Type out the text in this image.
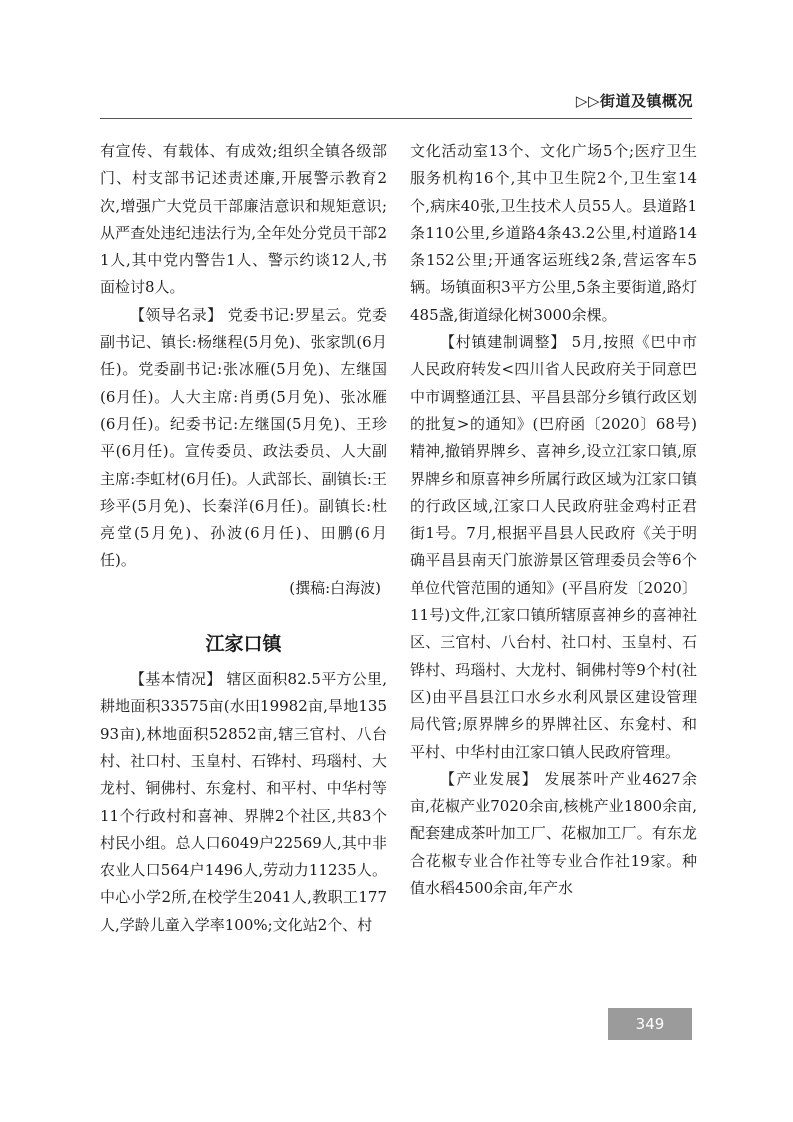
▷▷街道及镇概况

有宣传、有载体、有成效;组织全镇各级部门、村支部书记述责述廉,开展警示教育2次,增强广大党员干部廉洁意识和规矩意识;从严查处违纪违法行为,全年处分党员干部21人,其中党内警告1人、警示约谈12人,书面检讨8人。

【领导名录】 党委书记:罗星云。党委副书记、镇长:杨继程(5月免)、张家凯(6月任)。党委副书记:张冰雁(5月免)、左继国(6月任)。人大主席:肖勇(5月免)、张冰雁(6月任)。纪委书记:左继国(5月免)、王珍平(6月任)。宣传委员、政法委员、人大副主席:李虹材(6月任)。人武部长、副镇长:王珍平(5月免)、长秦洋(6月任)。副镇长:杜亮堂(5月免)、孙波(6月任)、田鹏(6月任)。

(撰稿:白海波)

江家口镇

【基本情况】 辖区面积82.5平方公里,耕地面积33575亩(水田19982亩,旱地13593亩),林地面积52852亩,辖三官村、八台村、社口村、玉皇村、石铧村、玛瑙村、大龙村、铜佛村、东龛村、和平村、中华村等11个行政村和喜神、界牌2个社区,共83个村民小组。总人口6049户22569人,其中非农业人口564户1496人,劳动力11235人。中心小学2所,在校学生2041人,教职工177人,学龄儿童入学率100%;文化站2个、村

文化活动室13个、文化广场5个;医疗卫生服务机构16个,其中卫生院2个,卫生室14个,病床40张,卫生技术人员55人。县道路1条110公里,乡道路4条43.2公里,村道路14条152公里;开通客运班线2条,营运客车5辆。场镇面积3平方公里,5条主要街道,路灯485盏,街道绿化树3000余棵。

【村镇建制调整】 5月,按照《巴中市人民政府转发<四川省人民政府关于同意巴中市调整通江县、平昌县部分乡镇行政区划的批复>的通知》(巴府函〔2020〕68号)精神,撤销界牌乡、喜神乡,设立江家口镇,原界牌乡和原喜神乡所属行政区域为江家口镇的行政区域,江家口人民政府驻金鸡村正君街1号。7月,根据平昌县人民政府《关于明确平昌县南天门旅游景区管理委员会等6个单位代管范围的通知》(平昌府发〔2020〕11号)文件,江家口镇所辖原喜神乡的喜神社区、三官村、八台村、社口村、玉皇村、石铧村、玛瑙村、大龙村、铜佛村等9个村(社区)由平昌县江口水乡水利风景区建设管理局代管;原界牌乡的界牌社区、东龛村、和平村、中华村由江家口镇人民政府管理。

【产业发展】 发展茶叶产业4627余亩,花椒产业7020余亩,核桃产业1800余亩,配套建成茶叶加工厂、花椒加工厂。有东龙合花椒专业合作社等专业合作社19家。种值水稻4500余亩,年产水

349
